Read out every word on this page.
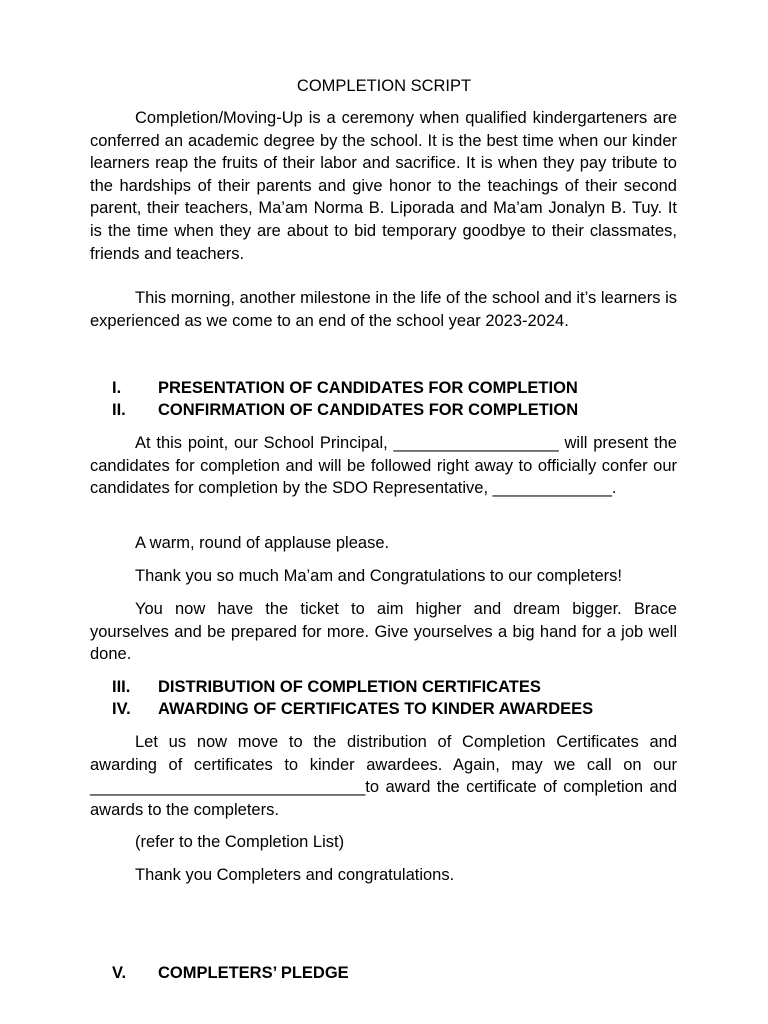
COMPLETION SCRIPT

Completion/Moving-Up is a ceremony when qualified kindergarteners are conferred an academic degree by the school. It is the best time when our kinder learners reap the fruits of their labor and sacrifice. It is when they pay tribute to the hardships of their parents and give honor to the teachings of their second parent, their teachers, Ma’am Norma B. Liporada and Ma’am Jonalyn B. Tuy. It is the time when they are about to bid temporary goodbye to their classmates, friends and teachers.

This morning, another milestone in the life of the school and it’s learners is experienced as we come to an end of the school year 2023-2024.

I. PRESENTATION OF CANDIDATES FOR COMPLETION
II. CONFIRMATION OF CANDIDATES FOR COMPLETION

At this point, our School Principal, __________________ will present the candidates for completion and will be followed right away to officially confer our candidates for completion by the SDO Representative, _____________.

A warm, round of applause please.

Thank you so much Ma’am and Congratulations to our completers!

You now have the ticket to aim higher and dream bigger. Brace yourselves and be prepared for more. Give yourselves a big hand for a job well done.

III. DISTRIBUTION OF COMPLETION CERTIFICATES
IV. AWARDING OF CERTIFICATES TO KINDER AWARDEES

Let us now move to the distribution of Completion Certificates and awarding of certificates to kinder awardees. Again, may we call on our ______________________________to award the certificate of completion and awards to the completers.

(refer to the Completion List)

Thank you Completers and congratulations.

V. COMPLETERS’ PLEDGE
